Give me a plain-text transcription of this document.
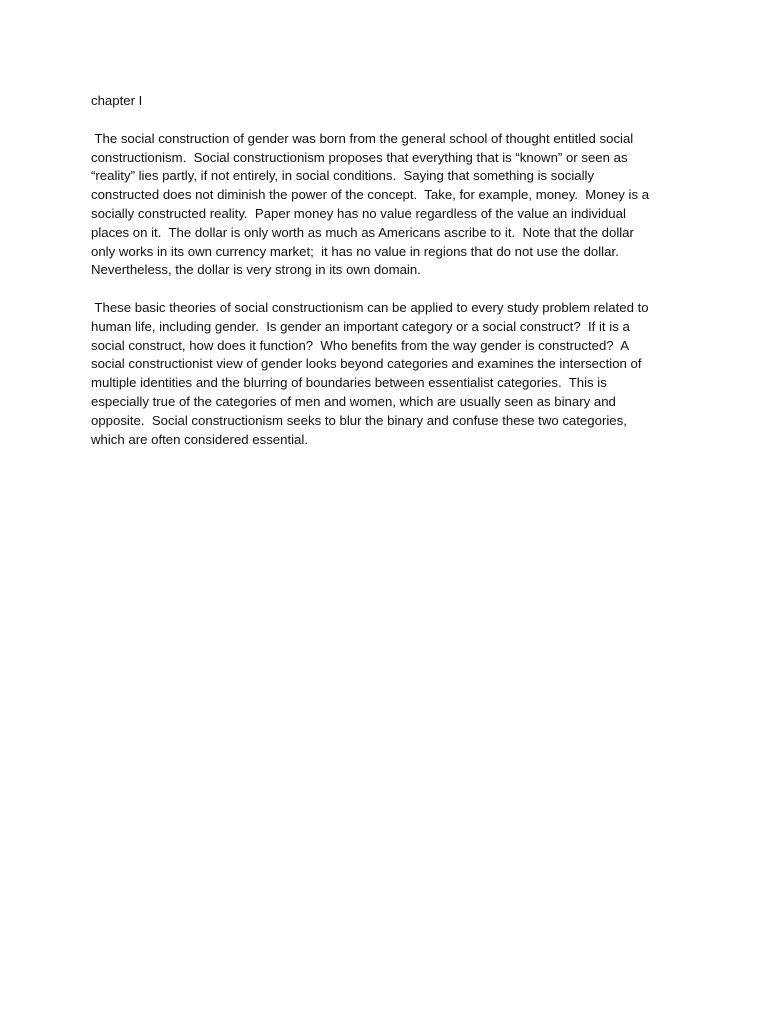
chapter I
The social construction of gender was born from the general school of thought entitled social
constructionism.  Social constructionism proposes that everything that is “known” or seen as
“reality” lies partly, if not entirely, in social conditions.  Saying that something is socially
constructed does not diminish the power of the concept.  Take, for example, money.  Money is a
socially constructed reality.  Paper money has no value regardless of the value an individual
places on it.  The dollar is only worth as much as Americans ascribe to it.  Note that the dollar
only works in its own currency market;  it has no value in regions that do not use the dollar.
Nevertheless, the dollar is very strong in its own domain.
These basic theories of social constructionism can be applied to every study problem related to
human life, including gender.  Is gender an important category or a social construct?  If it is a
social construct, how does it function?  Who benefits from the way gender is constructed?  A
social constructionist view of gender looks beyond categories and examines the intersection of
multiple identities and the blurring of boundaries between essentialist categories.  This is
especially true of the categories of men and women, which are usually seen as binary and
opposite.  Social constructionism seeks to blur the binary and confuse these two categories,
which are often considered essential.
